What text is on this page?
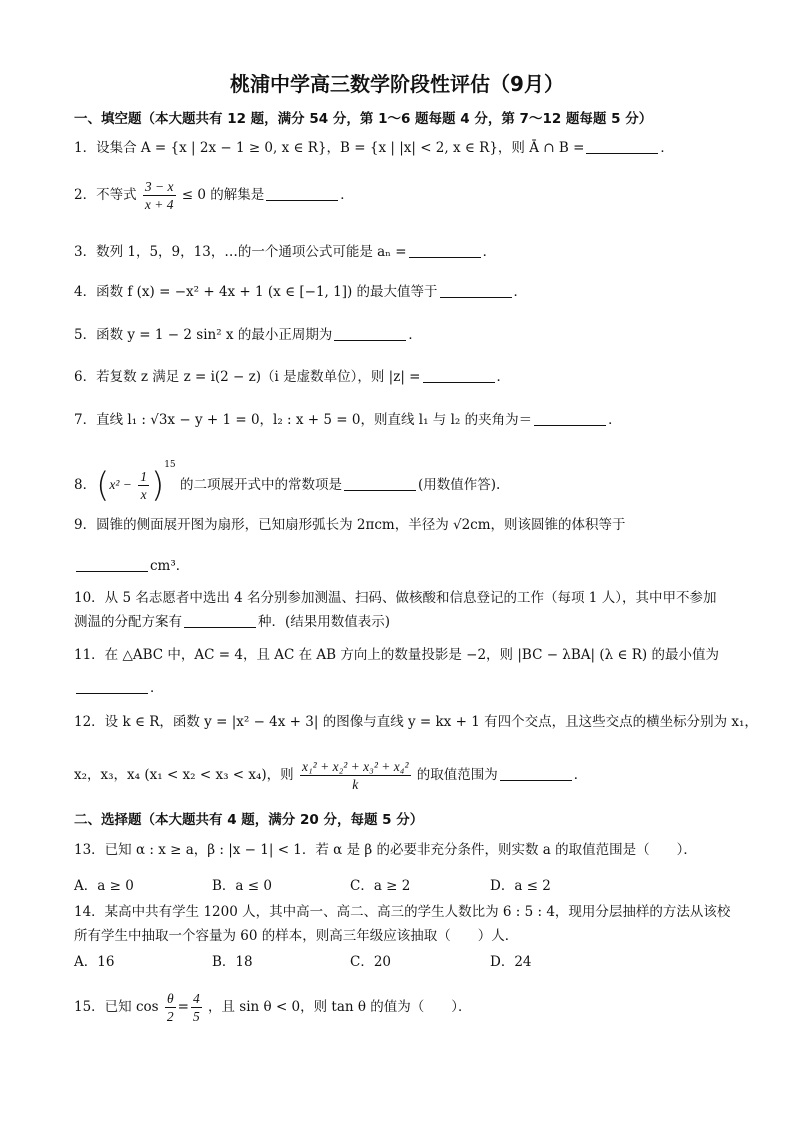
桃浦中学高三数学阶段性评估（9月）
一、填空题（本大题共有 12 题，满分 54 分，第 1～6 题每题 4 分，第 7～12 题每题 5 分）
1．设集合 A = {x | 2x − 1 ≥ 0, x ∈ R}，B = {x | |x| < 2, x ∈ R}，则 Ā ∩ B =	．
2．不等式 $\frac{3 - x}{x + 4} \le 0$ 的解集是	．
3．数列 1，5，9，13，…的一个通项公式可能是 aₙ =	．
4．函数 f (x) = −x² + 4x + 1 (x ∈ [−1, 1]) 的最大值等于	．
5．函数 y = 1 − 2 sin² x 的最小正周期为	．
6．若复数 z 满足 z = i(2 − z)（i 是虚数单位），则 |z| =	．
7．直线 l₁ : √3x − y + 1 = 0，l₂ : x + 5 = 0，则直线 l₁ 与 l₂ 的夹角为＝	．
8．$(x^2 - \frac{1}{x} )^{15}$ 的二项展开式中的常数项是	(用数值作答).
9．圆锥的侧面展开图为扇形，已知扇形弧长为 2πcm，半径为 √2cm，则该圆锥的体积等于
cm³．
10．从 5 名志愿者中选出 4 名分别参加测温、扫码、做核酸和信息登记的工作（每项 1 人），其中甲不参加
测温的分配方案有	种．(结果用数值表示)
11．在 △ABC 中，AC = 4，且 AC 在 AB 方向上的数量投影是 −2，则 |BC − λBA| (λ ∈ R) 的最小值为
．
12．设 k ∈ R，函数 y = |x² − 4x + 3| 的图像与直线 y = kx + 1 有四个交点，且这些交点的横坐标分别为 x₁，
x₂，x₃，x₄ (x₁ < x₂ < x₃ < x₄)，则 $\frac{\text{x₁² + x₂² + x₃² + x₄²}}{k}$ 的取值范围为	．
二、选择题（本大题共有 4 题，满分 20 分，每题 5 分）
13．已知 α : x ≥ a，β : |x − 1| < 1．若 α 是 β 的必要非充分条件，则实数 a 的取值范围是（　　）．
A．a ≥ 0	B．a ≤ 0	C．a ≥ 2	D．a ≤ 2
14．某高中共有学生 1200 人，其中高一、高二、高三的学生人数比为 6 : 5 : 4，现用分层抽样的方法从该校
所有学生中抽取一个容量为 60 的样本，则高三年级应该抽取（　　）人．
A．16	B．18	C．20	D．24
15．已知 $\cos \frac{\theta}{2} = \frac{4}{5}$ ，且 sin θ < 0，则 tan θ 的值为（　　）．
